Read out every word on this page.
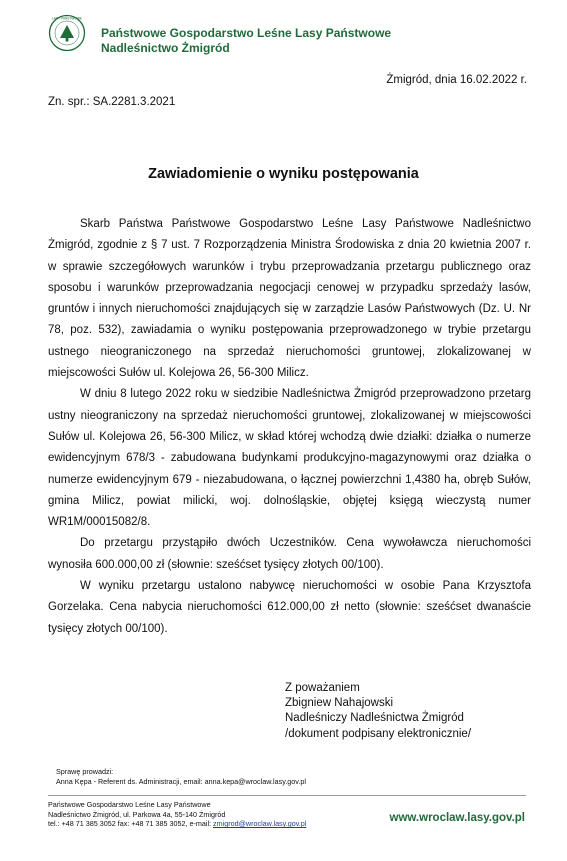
LASY PAŃSTWOWE
Państwowe Gospodarstwo Leśne Lasy Państwowe
Nadleśnictwo Żmigród
Żmigród, dnia 16.02.2022 r.
Zn. spr.: SA.2281.3.2021
Zawiadomienie o wyniku postępowania

Skarb Państwa Państwowe Gospodarstwo Leśne Lasy Państwowe Nadleśnictwo Żmigród, zgodnie z § 7 ust. 7 Rozporządzenia Ministra Środowiska z dnia 20 kwietnia 2007 r. w sprawie szczegółowych warunków i trybu przeprowadzania przetargu publicznego oraz sposobu i warunków przeprowadzania negocjacji cenowej w przypadku sprzedaży lasów, gruntów i innych nieruchomości znajdujących się w zarządzie Lasów Państwowych (Dz. U. Nr 78, poz. 532), zawiadamia o wyniku postępowania przeprowadzonego w trybie przetargu ustnego nieograniczonego na sprzedaż nieruchomości gruntowej, zlokalizowanej w miejscowości Sułów ul. Kolejowa 26, 56-300 Milicz.

W dniu 8 lutego 2022 roku w siedzibie Nadleśnictwa Żmigród przeprowadzono przetarg ustny nieograniczony na sprzedaż nieruchomości gruntowej, zlokalizowanej w miejscowości Sułów ul. Kolejowa 26, 56-300 Milicz, w skład której wchodzą dwie działki: działka o numerze ewidencyjnym 678/3 - zabudowana budynkami produkcyjno-magazynowymi oraz działka o numerze ewidencyjnym 679 - niezabudowana, o łącznej powierzchni 1,4380 ha, obręb Sułów, gmina Milicz, powiat milicki, woj. dolnośląskie, objętej księgą wieczystą numer WR1M/00015082/8.

Do przetargu przystąpiło dwóch Uczestników. Cena wywoławcza nieruchomości wynosiła 600.000,00 zł (słownie: sześćset tysięcy złotych 00/100).

W wyniku przetargu ustalono nabywcę nieruchomości w osobie Pana Krzysztofa Gorzelaka. Cena nabycia nieruchomości 612.000,00 zł netto (słownie: sześćset dwanaście tysięcy złotych 00/100).

Z poważaniem
Zbigniew Nahajowski
Nadleśniczy Nadleśnictwa Żmigród
/dokument podpisany elektronicznie/
Sprawę prowadzi:
Anna Kępa - Referent ds. Administracji, email: anna.kepa@wroclaw.lasy.gov.pl
Państwowe Gospodarstwo Leśne Lasy Państwowe
Nadleśnictwo Żmigród, ul. Parkowa 4a, 55-140 Żmigród
tel.: +48 71 385 3052 fax: +48 71 385 3052, e-mail: zmigrod@wroclaw.lasy.gov.pl	www.wroclaw.lasy.gov.pl
